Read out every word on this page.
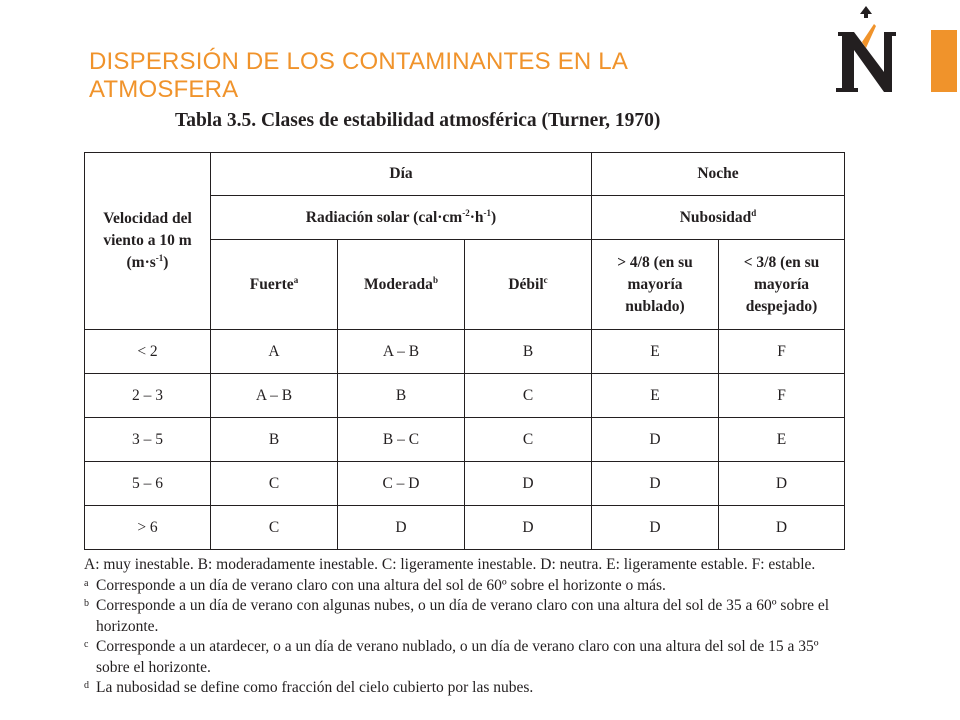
DISPERSIÓN DE LOS CONTAMINANTES EN LA ATMOSFERA
Tabla 3.5. Clases de estabilidad atmosférica (Turner, 1970)
Velocidad del viento a 10 m $(m\cdot s^{-1})$	Día			Noche	
	Radiación solar $(cal\cdot cm^{-2}\cdot h^{-1})$			Nubosidad$^d$
	Fuerte$^a$	Moderada$^b$	Débil$^c$	> 4/8 (en su mayoría nublado)	< 3/8 (en su mayoría despejado)
< 2	A	A – B	B	E	F
2 – 3	A – B	B	C	E	F
3 – 5	B	B – C	C	D	E
5 – 6	C	C – D	D	D	D
> 6	C	D	D	D	D

A: muy inestable. B: moderadamente inestable. C: ligeramente inestable. D: neutra. E: ligeramente estable. F: estable.

a Corresponde a un día de verano claro con una altura del sol de 60º sobre el horizonte o más.
b Corresponde a un día de verano con algunas nubes, o un día de verano claro con una altura del sol de 35 a 60º sobre el horizonte.
c Corresponde a un atardecer, o a un día de verano nublado, o un día de verano claro con una altura del sol de 15 a 35º sobre el horizonte.
d La nubosidad se define como fracción del cielo cubierto por las nubes.
